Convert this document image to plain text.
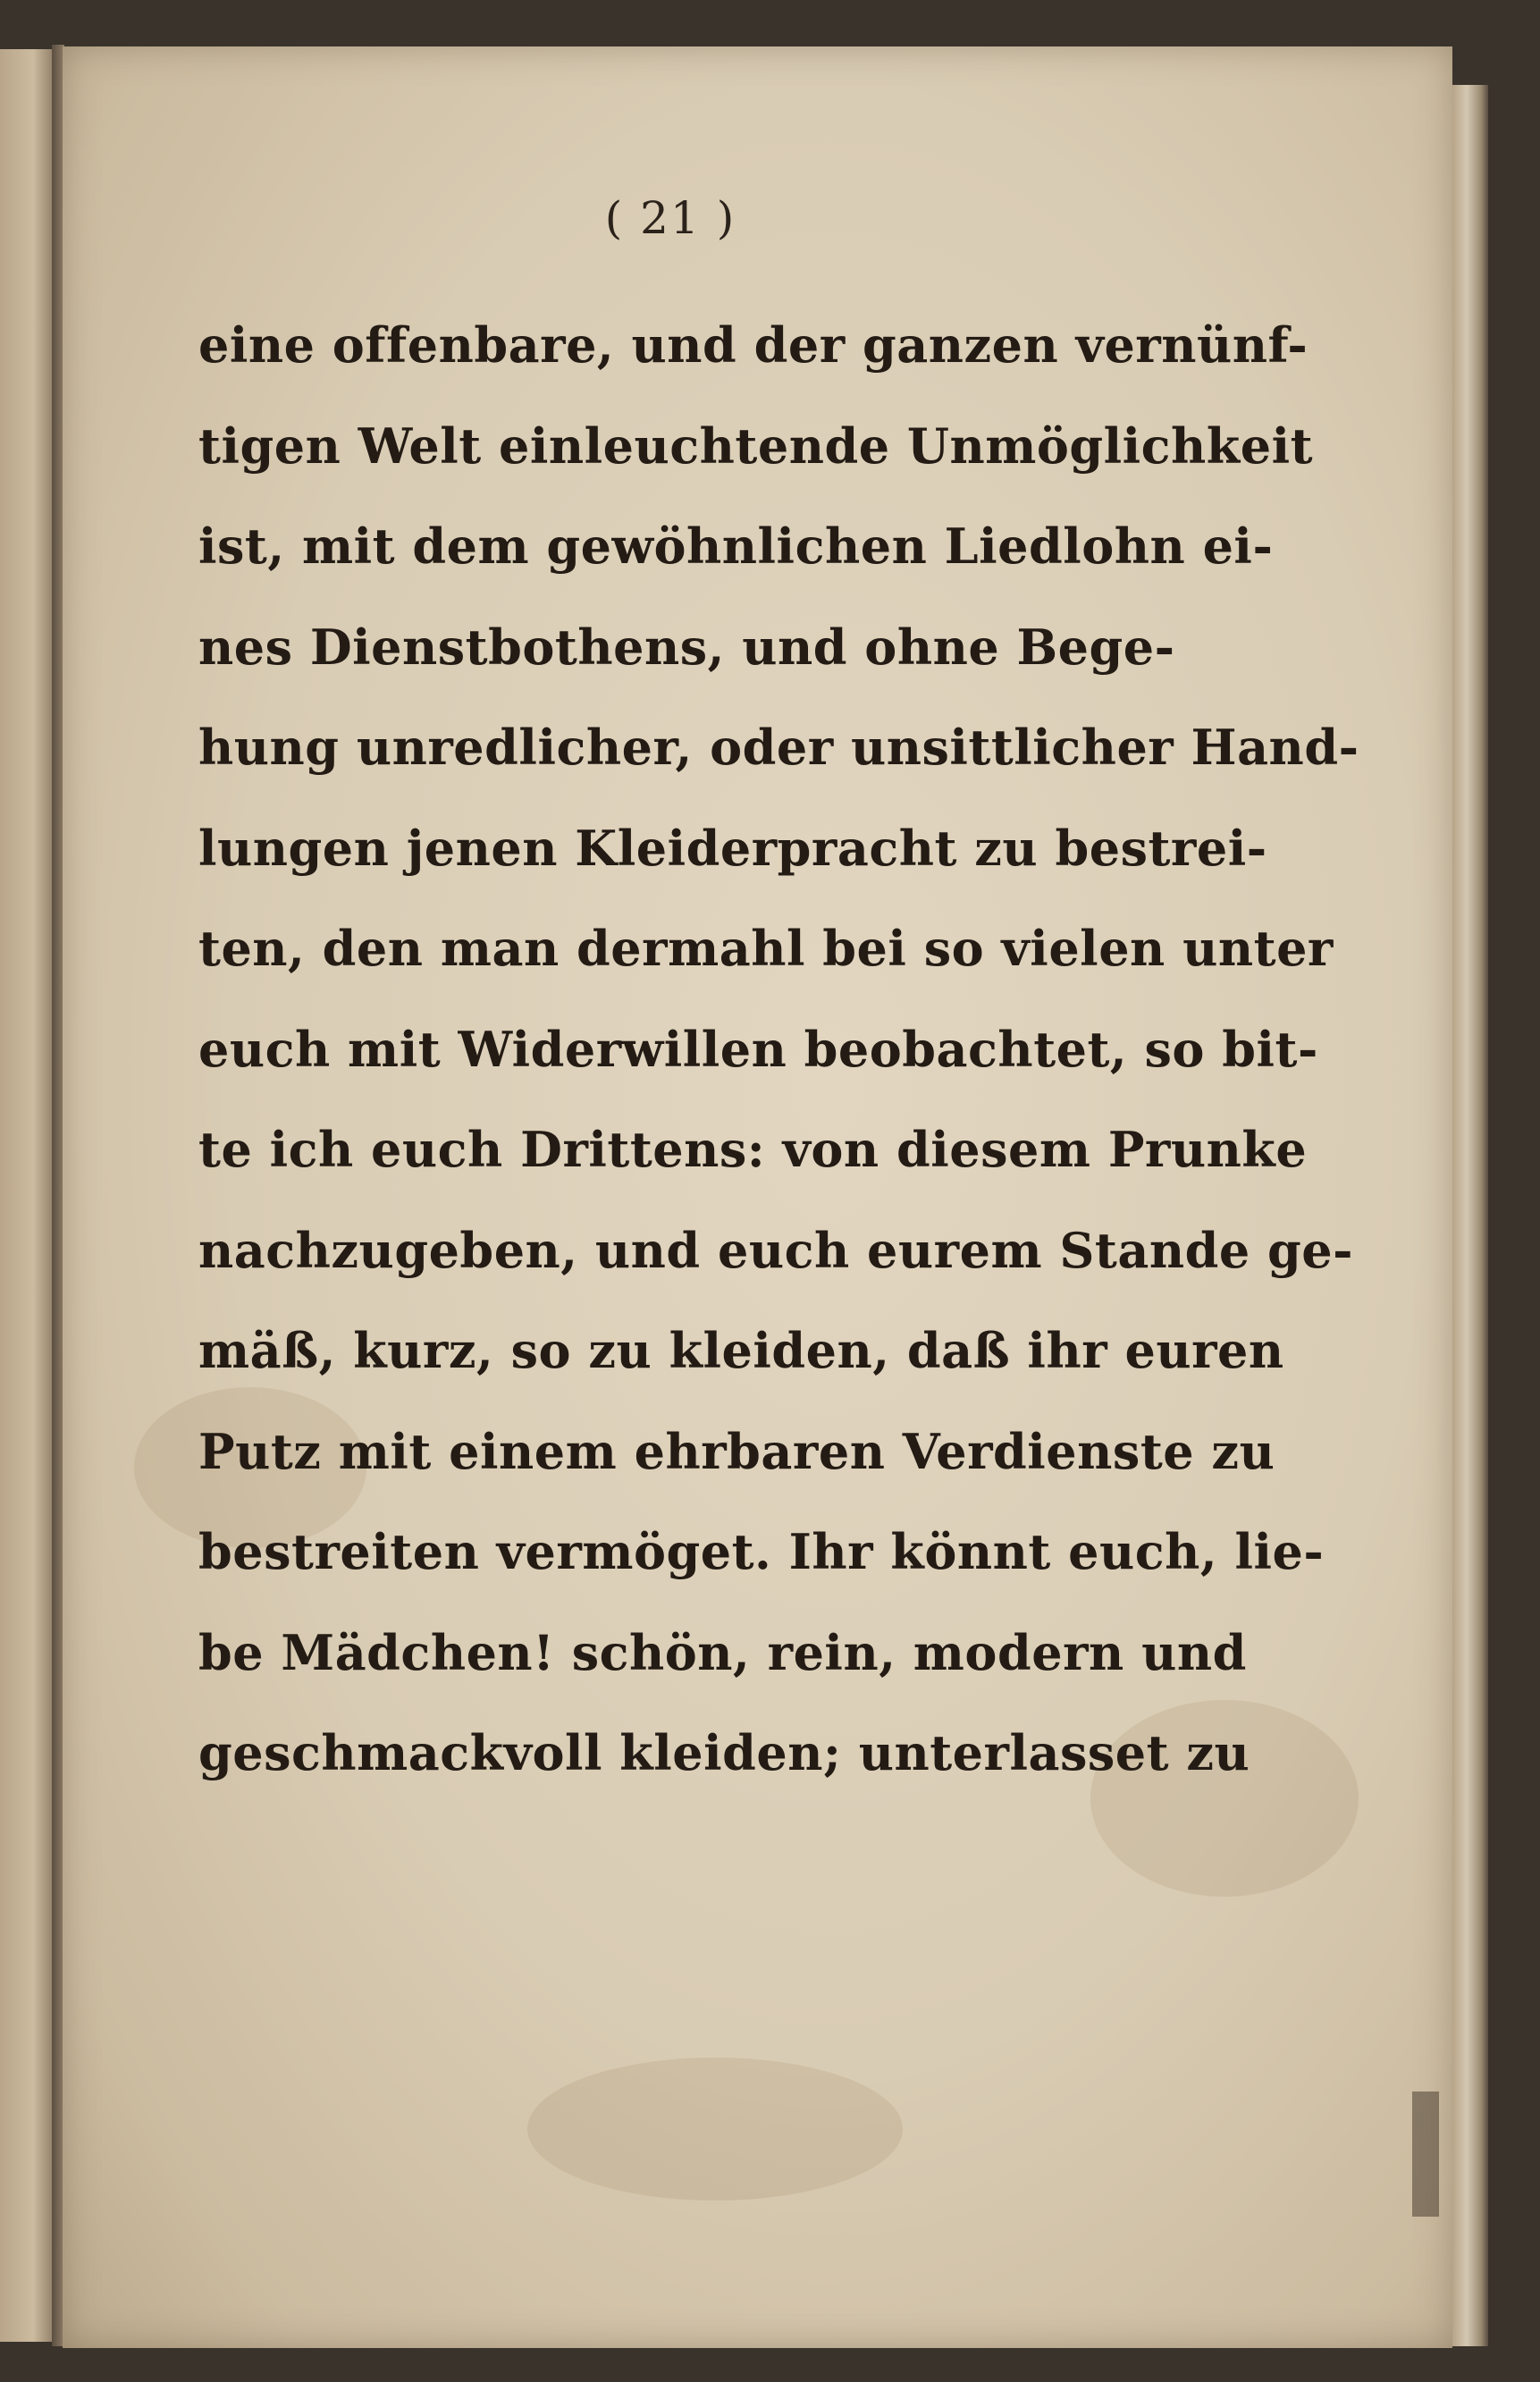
( 21 )
eine offenbare, und der ganzen vernünf-
tigen Welt einleuchtende Unmöglichkeit
ist, mit dem gewöhnlichen Liedlohn ei-
nes Dienstbothens, und ohne Bege-
hung unredlicher, oder unsittlicher Hand-
lungen jenen Kleiderpracht zu bestrei-
ten, den man dermahl bei so vielen unter
euch mit Widerwillen beobachtet, so bit-
te ich euch Drittens: von diesem Prunke
nachzugeben, und euch eurem Stande ge-
mäß, kurz, so zu kleiden, daß ihr euren
Putz mit einem ehrbaren Verdienste zu
bestreiten vermöget. Ihr könnt euch, lie-
be Mädchen! schön, rein, modern und
geschmackvoll kleiden; unterlasset zu
